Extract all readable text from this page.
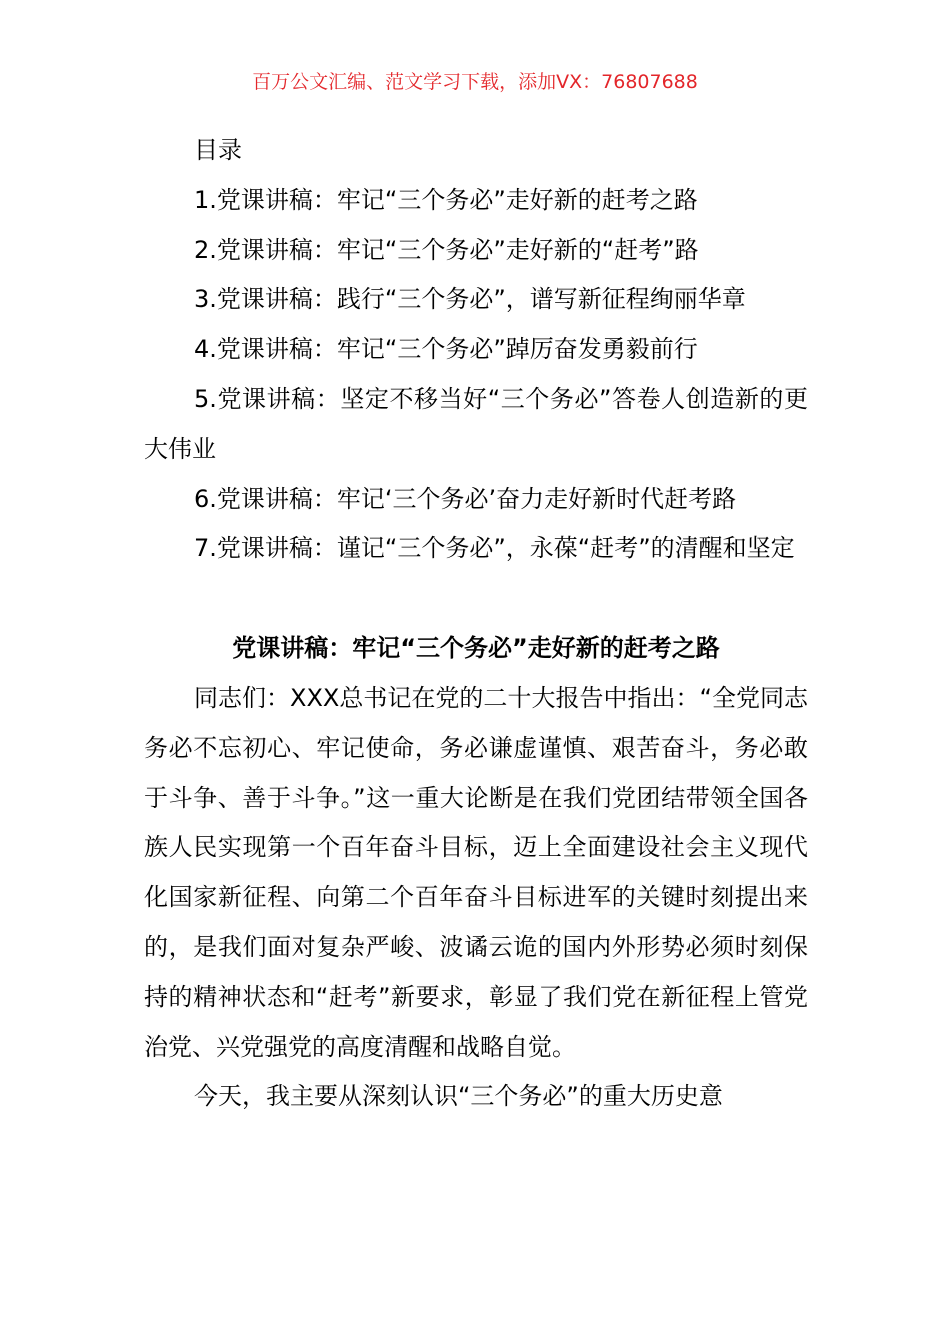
百万公文汇编、范文学习下载，添加VX：76807688
目录
1.党课讲稿：牢记“三个务必”走好新的赶考之路
2.党课讲稿：牢记“三个务必”走好新的“赶考”路
3.党课讲稿：践行“三个务必”，谱写新征程绚丽华章
4.党课讲稿：牢记“三个务必”踔厉奋发勇毅前行
5.党课讲稿：坚定不移当好“三个务必”答卷人创造新的更大伟业
6.党课讲稿：牢记‘三个务必’奋力走好新时代赶考路
7.党课讲稿：谨记“三个务必”，永葆“赶考”的清醒和坚定
党课讲稿：牢记“三个务必”走好新的赶考之路
同志们：XXX总书记在党的二十大报告中指出：“全党同志务必不忘初心、牢记使命，务必谦虚谨慎、艰苦奋斗，务必敢于斗争、善于斗争。”这一重大论断是在我们党团结带领全国各族人民实现第一个百年奋斗目标，迈上全面建设社会主义现代化国家新征程、向第二个百年奋斗目标进军的关键时刻提出来的，是我们面对复杂严峻、波谲云诡的国内外形势必须时刻保持的精神状态和“赶考”新要求，彰显了我们党在新征程上管党治党、兴党强党的高度清醒和战略自觉。
今天，我主要从深刻认识“三个务必”的重大历史意
